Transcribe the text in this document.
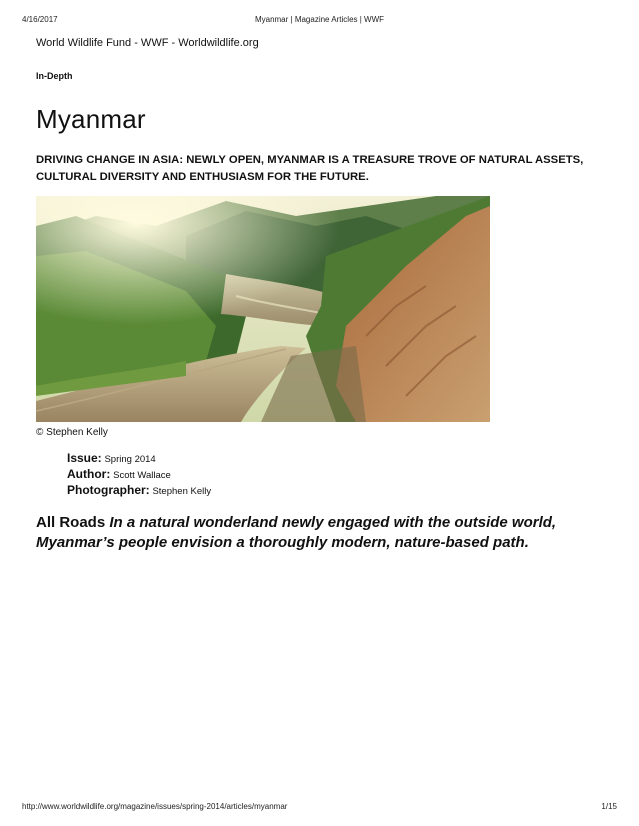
4/16/2017	Myanmar | Magazine Articles | WWF
World Wildlife Fund - WWF - Worldwildlife.org
In-Depth
Myanmar

DRIVING CHANGE IN ASIA: NEWLY OPEN, MYANMAR IS A TREASURE TROVE OF NATURAL ASSETS, CULTURAL DIVERSITY AND ENTHUSIASM FOR THE FUTURE.

© Stephen Kelly
Issue: Spring 2014
Author: Scott Wallace
Photographer: Stephen Kelly

All Roads In a natural wonderland newly engaged with the outside world, Myanmar’s people envision a thoroughly modern, nature-based path.

http://www.worldwildlife.org/magazine/issues/spring-2014/articles/myanmar	1/15
